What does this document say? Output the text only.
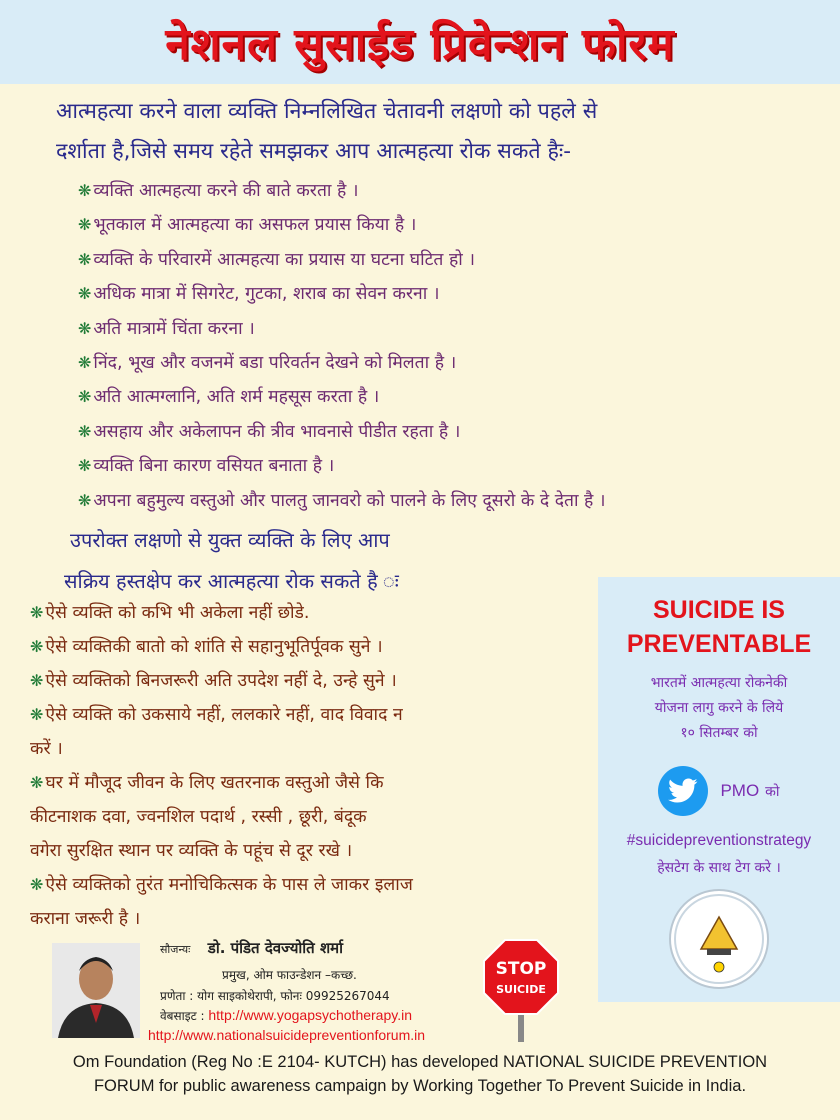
नेशनल सुसाईड प्रिवेन्शन फोरम
आत्महत्या करने वाला व्यक्ति निम्नलिखित चेतावनी लक्षणो को पहले से
दर्शाता है,जिसे समय रहेते समझकर आप आत्महत्या रोक सकते हैः-
❋ व्यक्ति आत्महत्या करने की बाते करता है ।
❋ भूतकाल में आत्महत्या का असफल प्रयास किया है ।
❋ व्यक्ति के परिवारमें आत्महत्या का प्रयास या घटना घटित हो ।
❋ अधिक मात्रा में सिगरेट, गुटका, शराब का सेवन करना ।
❋ अति मात्रामें चिंता करना ।
❋ निंद, भूख और वजनमें बडा परिवर्तन देखने को मिलता है ।
❋ अति आत्मग्लानि, अति शर्म महसूस करता है ।
❋ असहाय और अकेलापन की त्रीव भावनासे पीडीत रहता है ।
❋ व्यक्ति बिना कारण वसियत बनाता है ।
❋ अपना बहुमुल्य वस्तुओ और पालतु जानवरो को पालने के लिए दूसरो के दे देता है ।
उपरोक्त लक्षणो से युक्त व्यक्ति के लिए आप
सक्रिय हस्तक्षेप कर आत्महत्या रोक सकते है ः
❋ ऐसे व्यक्ति को कभि भी अकेला नहीं छोडे.
❋ ऐसे व्यक्तिकी बातो को शांति से सहानुभूतिर्पूवक सुने ।
❋ ऐसे व्यक्तिको बिनजरूरी अति उपदेश नहीं दे, उन्हे सुने ।
❋ ऐसे व्यक्ति को उकसाये नहीं, ललकारे नहीं, वाद विवाद न
करें ।
❋ घर में मौजूद जीवन के लिए खतरनाक वस्तुओ जैसे कि
कीटनाशक दवा, ज्वनशिल पदार्थ , रस्सी , छूरी, बंदूक
वगेरा सुरक्षित स्थान पर व्यक्ति के पहूंच से दूर रखे ।
❋ ऐसे व्यक्तिको तुरंत मनोचिकित्सक के पास ले जाकर इलाज
कराना जरूरी है ।
SUICIDE IS
PREVENTABLE
भारतमें आत्महत्या रोकनेकी
योजना लागु करने के लिये
१० सितम्बर को
PMO को
#suicidepreventionstrategy
हेसटेग के साथ टेग करे ।
सौजन्यः डो. पंडित देवज्योति शर्मा
प्रमुख, ओम फाउन्डेशन –कच्छ.
प्रणेता : योग साइकोथेरापी, फोनः 09925267044
वेबसाइट : http://www.yogapsychotherapy.in
http://www.nationalsuicidepreventionforum.in
STOP
SUICIDE
Om Foundation (Reg No :E 2104- KUTCH) has developed NATIONAL SUICIDE PREVENTION
FORUM for public awareness campaign by Working Together To Prevent Suicide in India.
